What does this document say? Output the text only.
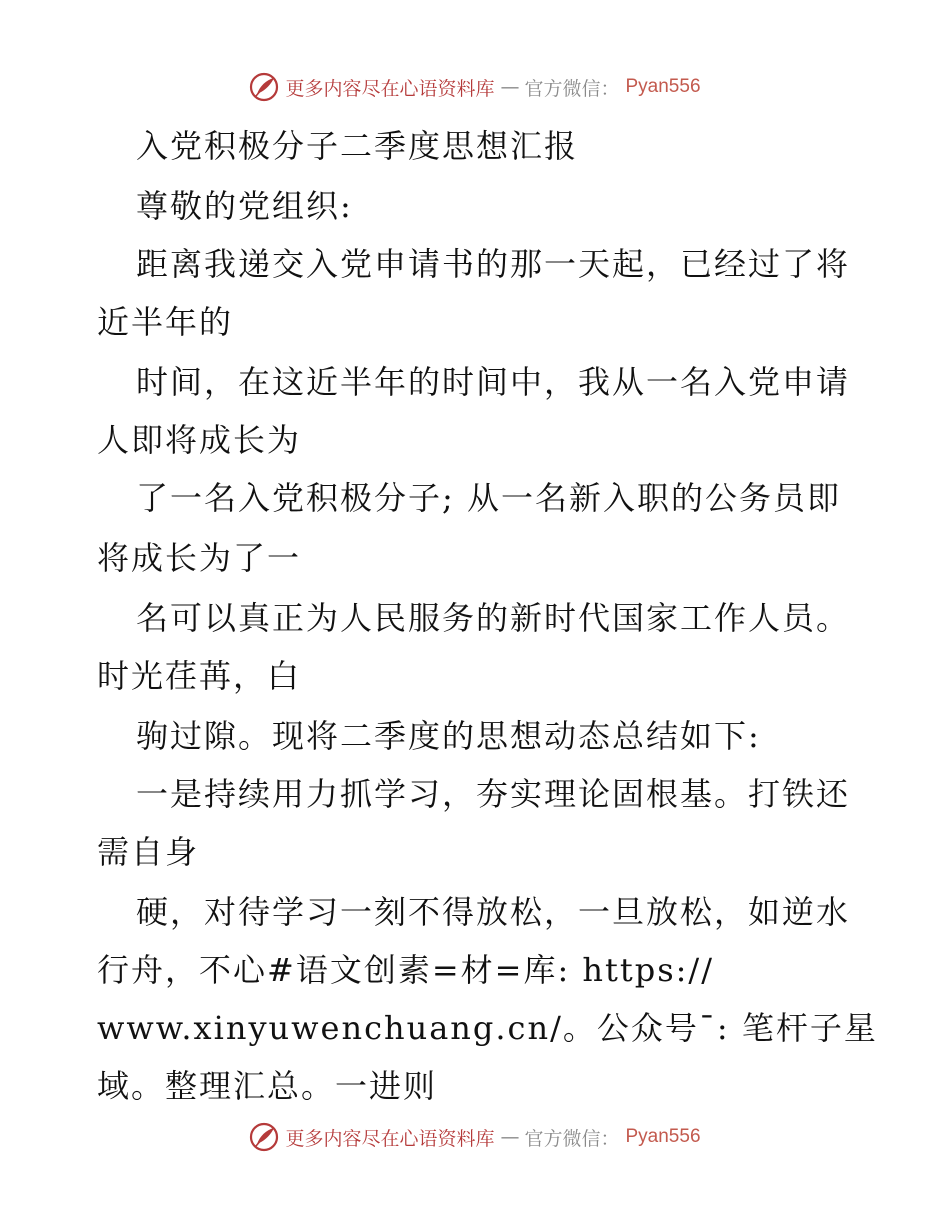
更多内容尽在心语资料库 — 官方微信： Pyan556
入党积极分子二季度思想汇报
尊敬的党组织:
距离我递交入党申请书的那一天起，已经过了将
近半年的
时间，在这近半年的时间中，我从一名入党申请
人即将成长为
了一名入党积极分子; 从一名新入职的公务员即
将成长为了一
名可以真正为人民服务的新时代国家工作人员。
时光荏苒，白
驹过隙。现将二季度的思想动态总结如下:
一是持续用力抓学习，夯实理论固根基。打铁还
需自身
硬，对待学习一刻不得放松，一旦放松，如逆水
行舟，不心#语文创素=材=库: https://
www.xinyuwenchuang.cn/。公众号¯: 笔杆子星
域。整理汇总。一进则
更多内容尽在心语资料库 — 官方微信： Pyan556
